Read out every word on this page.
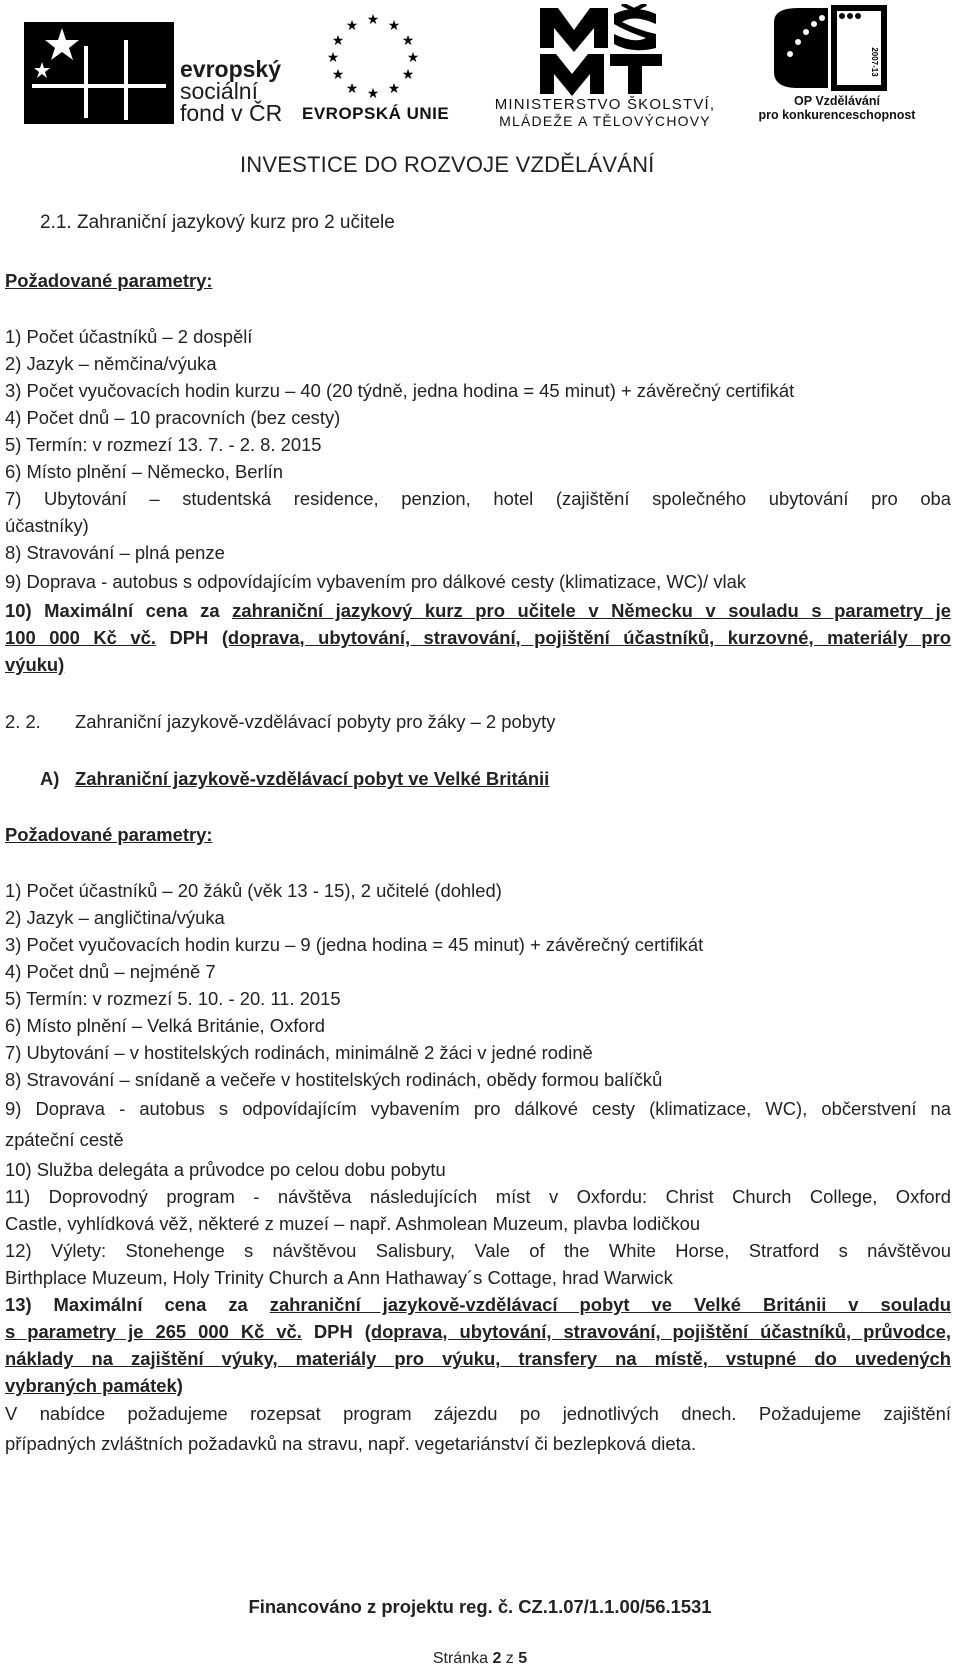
evropský
sociální
fond v ČR
★ ★
★
★
★
★
★
★
★
★
★
★
EVROPSKÁ UNIE	MINISTERSTVO ŠKOLSTVÍ,
MLÁDEŽE A TĚLOVÝCHOVY
2007-13
OP Vzdělávání
pro konkurenceschopnost
INVESTICE DO ROZVOJE VZDĚLÁVÁNÍ
2.1. Zahraniční jazykový kurz pro 2 učitele
Požadované parametry:
1) Počet účastníků – 2 dospělí
2) Jazyk – němčina/výuka
3) Počet vyučovacích hodin kurzu – 40 (20 týdně, jedna hodina = 45 minut) + závěrečný certifikát
4) Počet dnů – 10 pracovních (bez cesty)
5) Termín: v rozmezí 13. 7. - 2. 8. 2015
6) Místo plnění – Německo, Berlín
7) Ubytování – studentská residence, penzion, hotel (zajištění společného ubytování pro oba
účastníky)
8) Stravování – plná penze
9) Doprava - autobus s odpovídajícím vybavením pro dálkové cesty (klimatizace, WC)/ vlak
10) Maximální cena za zahraniční jazykový kurz pro učitele v Německu v souladu s parametry je
100 000 Kč vč. DPH (doprava, ubytování, stravování, pojištění účastníků, kurzovné, materiály pro
výuku)
2. 2. Zahraniční jazykově-vzdělávací pobyty pro žáky – 2 pobyty
A) Zahraniční jazykově-vzdělávací pobyt ve Velké Británii
Požadované parametry:
1) Počet účastníků – 20 žáků (věk 13 - 15), 2 učitelé (dohled)
2) Jazyk – angličtina/výuka
3) Počet vyučovacích hodin kurzu – 9 (jedna hodina = 45 minut) + závěrečný certifikát
4) Počet dnů – nejméně 7
5) Termín: v rozmezí 5. 10. - 20. 11. 2015
6) Místo plnění – Velká Británie, Oxford
7) Ubytování – v hostitelských rodinách, minimálně 2 žáci v jedné rodině
8) Stravování – snídaně a večeře v hostitelských rodinách, obědy formou balíčků
9) Doprava - autobus s odpovídajícím vybavením pro dálkové cesty (klimatizace, WC), občerstvení na
zpáteční cestě
10) Služba delegáta a průvodce po celou dobu pobytu
11) Doprovodný program - návštěva následujících míst v Oxfordu: Christ Church College, Oxford
Castle, vyhlídková věž, některé z muzeí – např. Ashmolean Muzeum, plavba lodičkou
12) Výlety: Stonehenge s návštěvou Salisbury, Vale of the White Horse, Stratford s návštěvou
Birthplace Muzeum, Holy Trinity Church a Ann Hathaway´s Cottage, hrad Warwick
13) Maximální cena za zahraniční jazykově-vzdělávací pobyt ve Velké Británii v souladu
s parametry je 265 000 Kč vč. DPH (doprava, ubytování, stravování, pojištění účastníků, průvodce,
náklady na zajištění výuky, materiály pro výuku, transfery na místě, vstupné do uvedených
vybraných památek)
V nabídce požadujeme rozepsat program zájezdu po jednotlivých dnech. Požadujeme zajištění
případných zvláštních požadavků na stravu, např. vegetariánství či bezlepková dieta.
Financováno z projektu reg. č. CZ.1.07/1.1.00/56.1531
Stránka 2 z 5
